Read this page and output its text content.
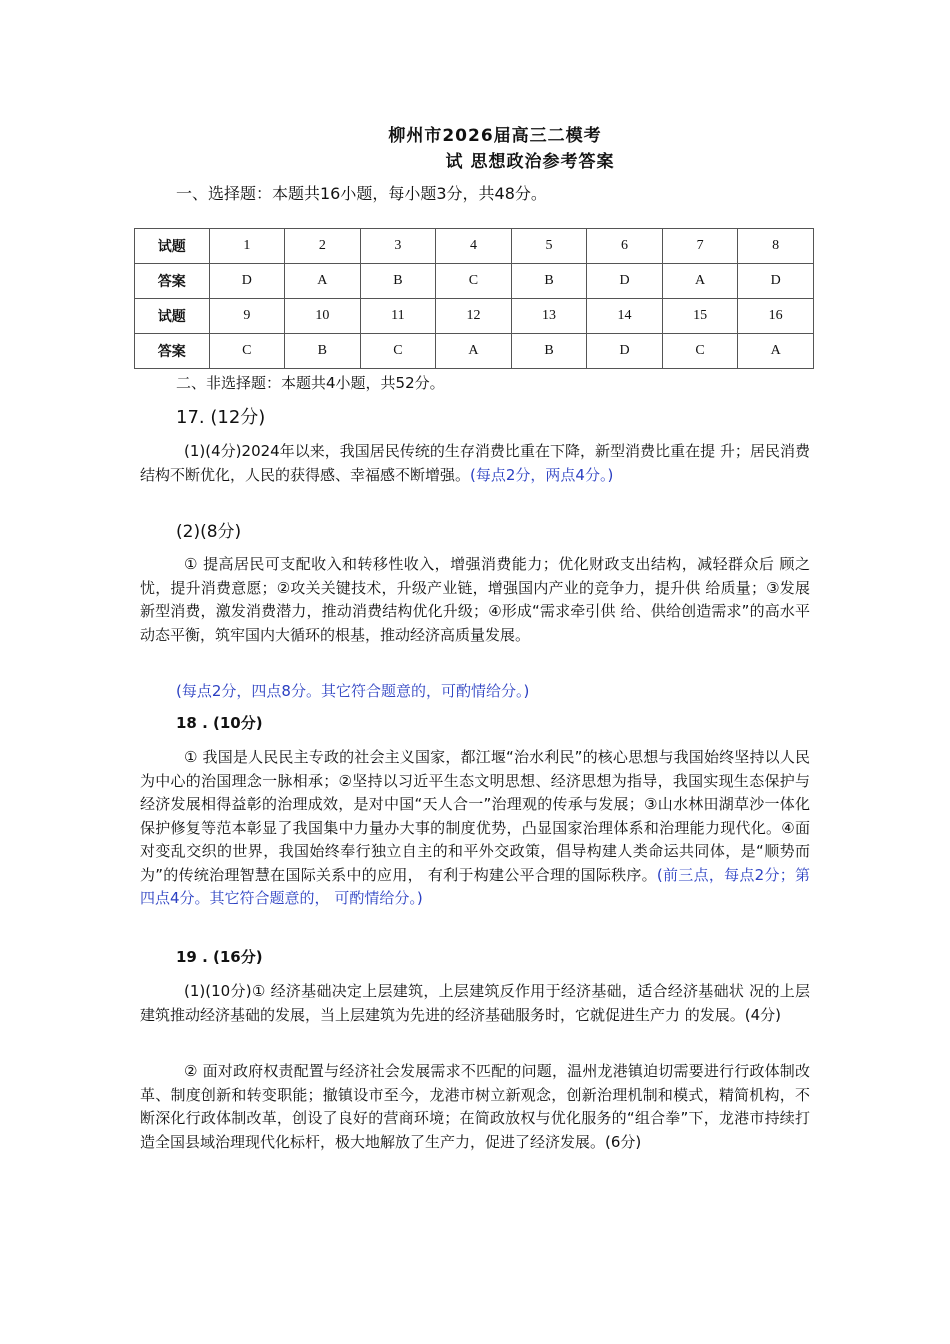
柳州市2026届高三二模考
试 思想政治参考答案
一、选择题：本题共16小题，每小题3分，共48分。
试题	1	2	3	4	5	6	7	8
答案	D	A	B	C	B	D	A	D
试题	9	10	11	12	13	14	15	16
答案	C	B	C	A	B	D	C	A
二、非选择题：本题共4小题，共52分。
17. (12分)
(1)(4分)2024年以来，我国居民传统的生存消费比重在下降，新型消费比重在提 升；居民消费结构不断优化，人民的获得感、幸福感不断增强。(每点2分，两点4分。)
(2)(8分)
① 提高居民可支配收入和转移性收入，增强消费能力；优化财政支出结构，减轻群众后 顾之忧，提升消费意愿；②攻关关键技术，升级产业链，增强国内产业的竞争力，提升供 给质量；③发展新型消费，激发消费潜力，推动消费结构优化升级；④形成“需求牵引供 给、供给创造需求”的高水平动态平衡，筑牢国内大循环的根基，推动经济高质量发展。
(每点2分，四点8分。其它符合题意的，可酌情给分。)
18 . (10分)
① 我国是人民民主专政的社会主义国家，都江堰“治水利民”的核心思想与我国始终坚持以人民为中心的治国理念一脉相承；②坚持以习近平生态文明思想、经济思想为指导，我国实现生态保护与经济发展相得益彰的治理成效，是对中国“天人合一”治理观的传承与发展；③山水林田湖草沙一体化保护修复等范本彰显了我国集中力量办大事的制度优势，凸显国家治理体系和治理能力现代化。④面对变乱交织的世界，我国始终奉行独立自主的和平外交政策，倡导构建人类命运共同体，是“顺势而为”的传统治理智慧在国际关系中的应用， 有利于构建公平合理的国际秩序。(前三点，每点2分；第四点4分。其它符合题意的， 可酌情给分。)
19 . (16分)
(1)(10分)① 经济基础决定上层建筑，上层建筑反作用于经济基础，适合经济基础状 况的上层建筑推动经济基础的发展，当上层建筑为先进的经济基础服务时，它就促进生产力 的发展。(4分)
② 面对政府权责配置与经济社会发展需求不匹配的问题，温州龙港镇迫切需要进行行政体制改革、制度创新和转变职能；撤镇设市至今，龙港市树立新观念，创新治理机制和模式，精简机构，不断深化行政体制改革，创设了良好的营商环境；在简政放权与优化服务的“组合拳”下，龙港市持续打造全国县域治理现代化标杆，极大地解放了生产力，促进了经济发展。(6分)
